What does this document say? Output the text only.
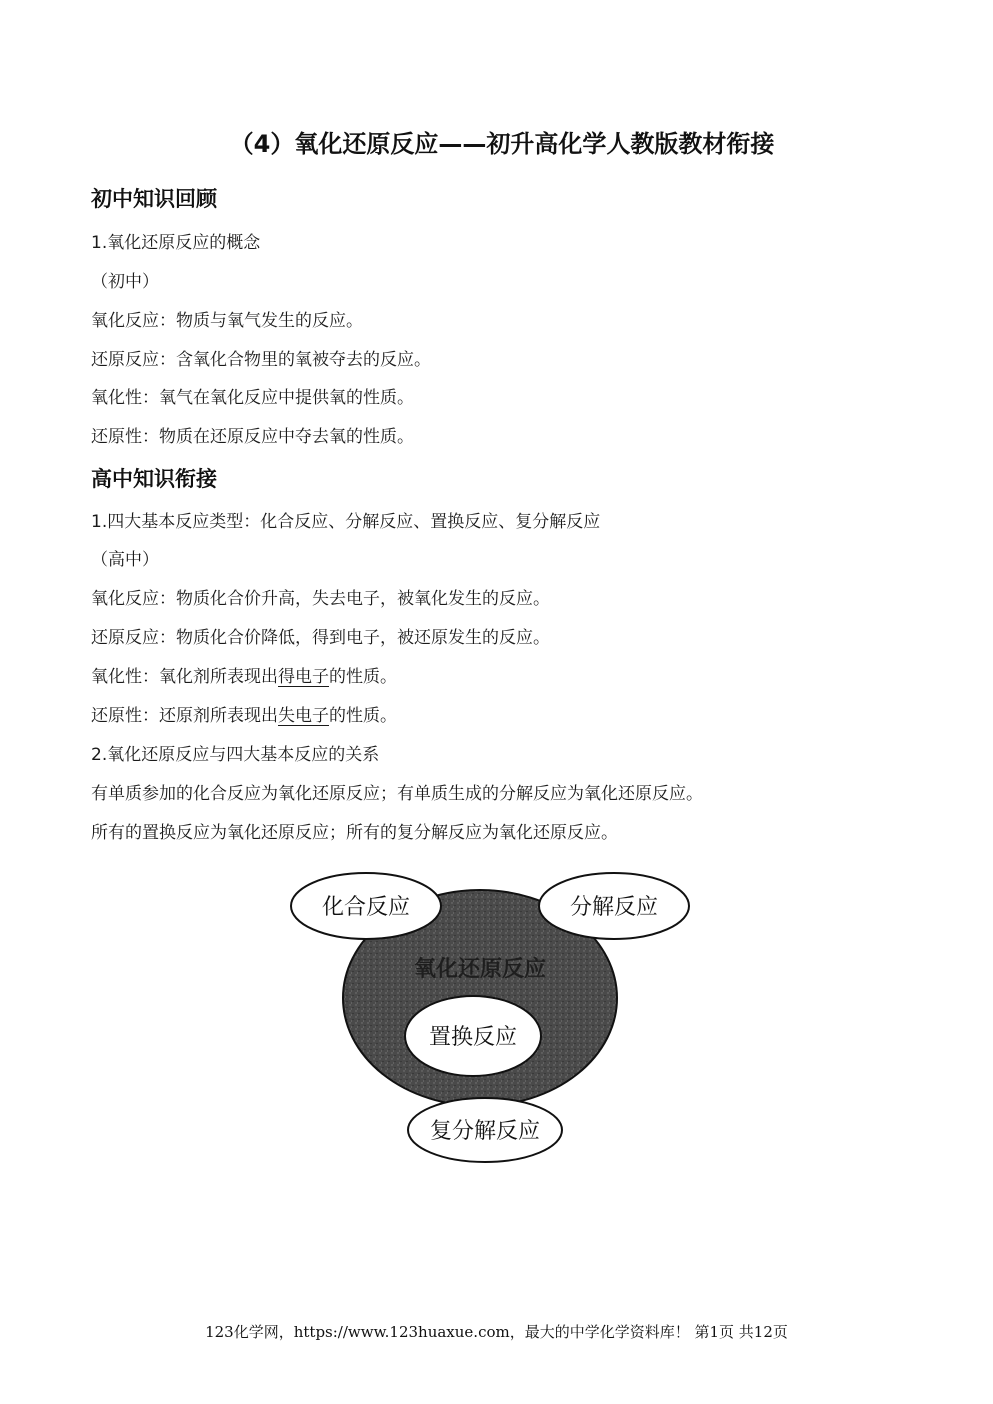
（4）氧化还原反应——初升高化学人教版教材衔接
初中知识回顾
1.氧化还原反应的概念
（初中）
氧化反应：物质与氧气发生的反应。
还原反应：含氧化合物里的氧被夺去的反应。
氧化性：氧气在氧化反应中提供氧的性质。
还原性：物质在还原反应中夺去氧的性质。
高中知识衔接
1.四大基本反应类型：化合反应、分解反应、置换反应、复分解反应
（高中）
氧化反应：物质化合价升高，失去电子，被氧化发生的反应。
还原反应：物质化合价降低，得到电子，被还原发生的反应。
氧化性：氧化剂所表现出得电子的性质。
还原性：还原剂所表现出失电子的性质。
2.氧化还原反应与四大基本反应的关系
有单质参加的化合反应为氧化还原反应；有单质生成的分解反应为氧化还原反应。
所有的置换反应为氧化还原反应；所有的复分解反应为氧化还原反应。
氧化还原反应
置换反应
化合反应	分解反应
复分解反应
123化学网，https://www.123huaxue.com，最大的中学化学资料库！ 第1页 共12页
